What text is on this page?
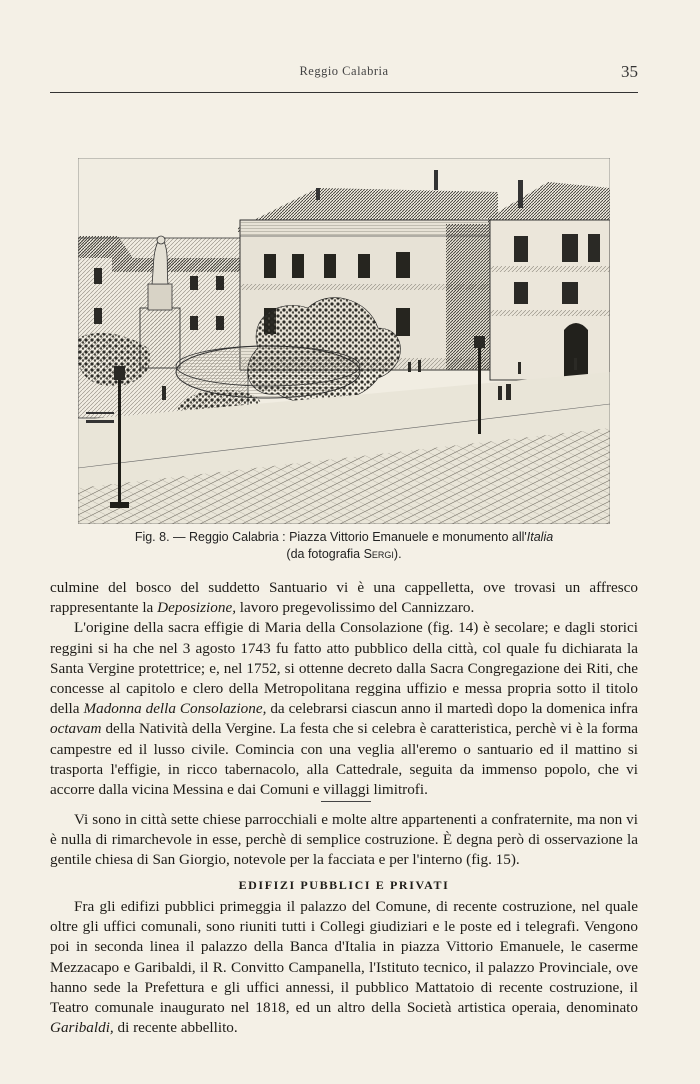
Reggio Calabria	35
Fig. 8. — Reggio Calabria : Piazza Vittorio Emanuele e monumento all'Italia
(da fotografia Sergi).

culmine del bosco del suddetto Santuario vi è una cappelletta, ove trovasi un affresco rappresentante la Deposizione, lavoro pregevolissimo del Cannizzaro.

L'origine della sacra effigie di Maria della Consolazione (fig. 14) è secolare; e dagli storici reggini si ha che nel 3 agosto 1743 fu fatto atto pubblico della città, col quale fu dichiarata la Santa Vergine protettrice; e, nel 1752, si ottenne decreto dalla Sacra Congregazione dei Riti, che concesse al capitolo e clero della Metropolitana reggina uffizio e messa propria sotto il titolo della Madonna della Consolazione, da celebrarsi ciascun anno il martedì dopo la domenica infra octavam della Natività della Vergine. La festa che si celebra è caratteristica, perchè vi è la forma campestre ed il lusso civile. Comincia con una veglia all'eremo o santuario ed il mattino si trasporta l'effigie, in ricco tabernacolo, alla Cattedrale, seguita da immenso popolo, che vi accorre dalla vicina Messina e dai Comuni e villaggi limitrofi.

Vi sono in città sette chiese parrocchiali e molte altre appartenenti a confraternite, ma non vi è nulla di rimarchevole in esse, perchè di semplice costruzione. È degna però di osservazione la gentile chiesa di San Giorgio, notevole per la facciata e per l'interno (fig. 15).

EDIFIZI PUBBLICI E PRIVATI

Fra gli edifizi pubblici primeggia il palazzo del Comune, di recente costruzione, nel quale oltre gli uffici comunali, sono riuniti tutti i Collegi giudiziari e le poste ed i telegrafi. Vengono poi in seconda linea il palazzo della Banca d'Italia in piazza Vittorio Emanuele, le caserme Mezzacapo e Garibaldi, il R. Convitto Campanella, l'Istituto tecnico, il palazzo Provinciale, ove hanno sede la Prefettura e gli uffici annessi, il pubblico Mattatoio di recente costruzione, il Teatro comunale inaugurato nel 1818, ed un altro della Società artistica operaia, denominato Garibaldi, di recente abbellito.
